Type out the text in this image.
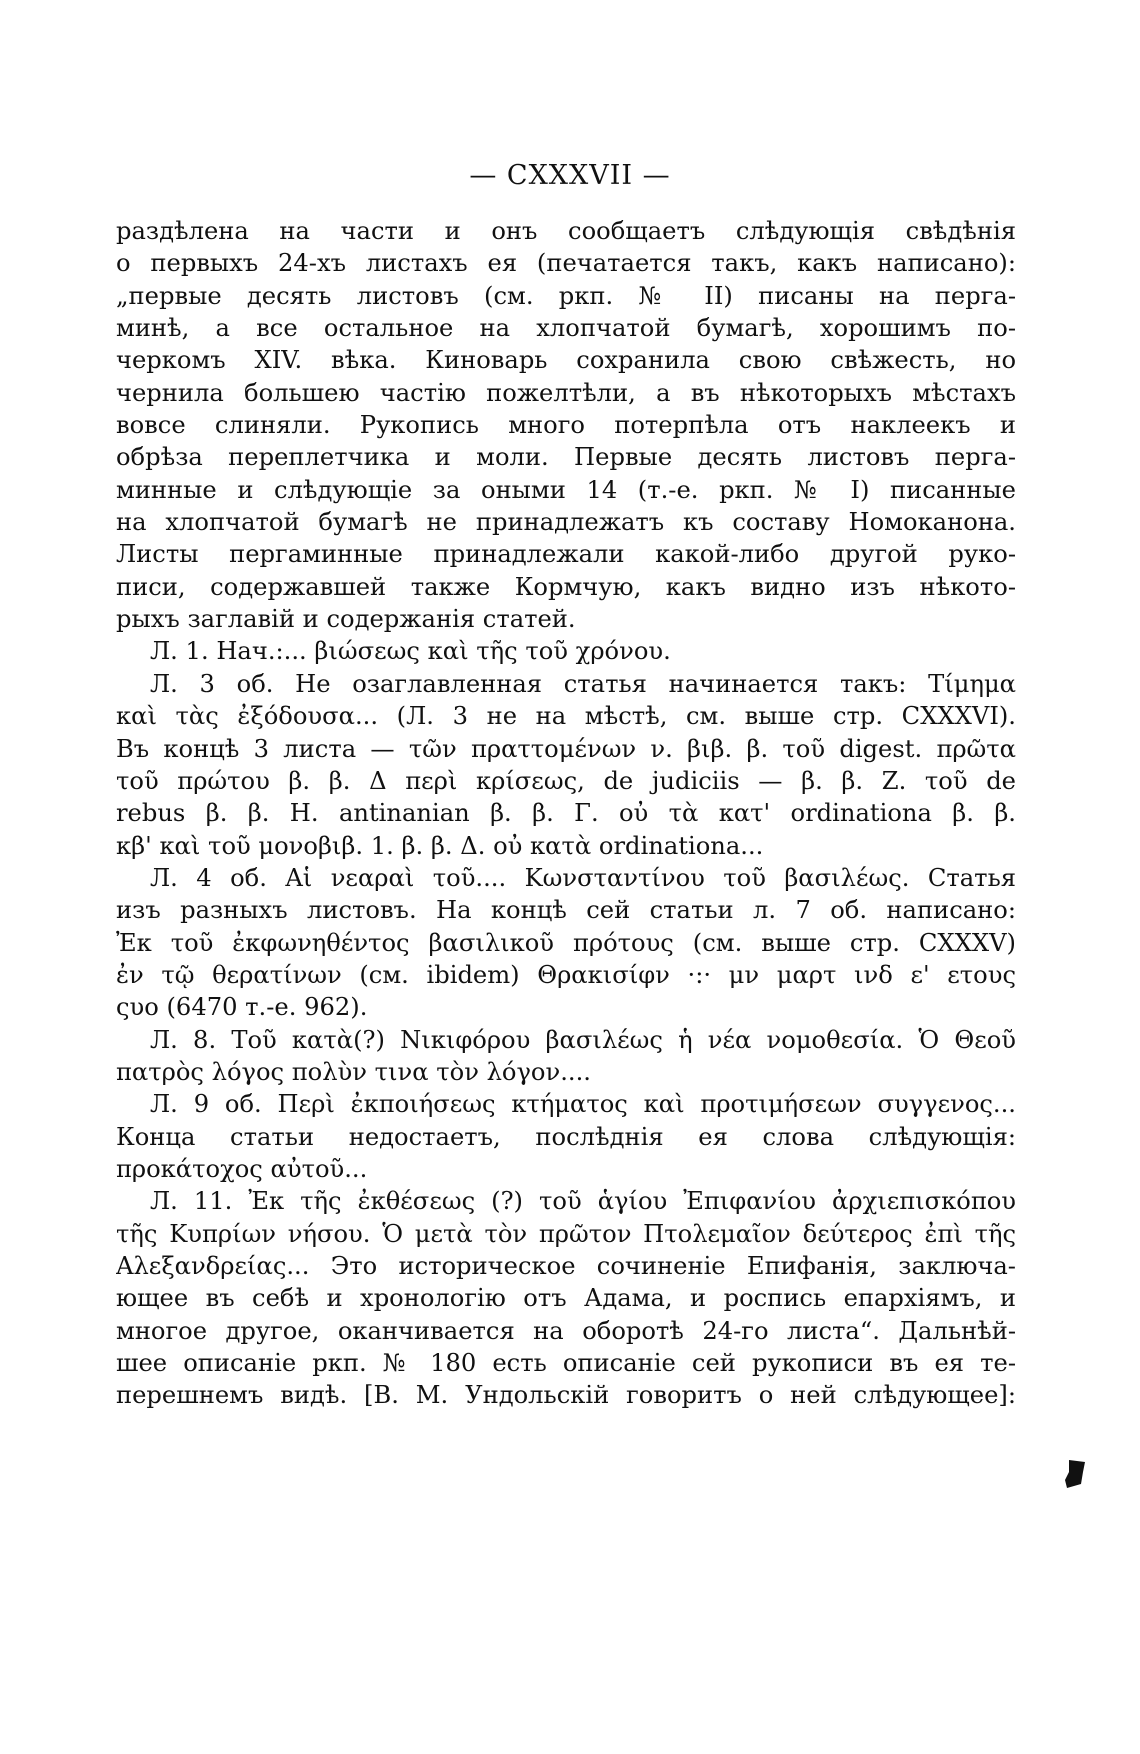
— CXXXVII —
раздѣлена на части и онъ сообщаетъ слѣдующія свѣдѣнія
о первыхъ 24-хъ листахъ ея (печатается такъ, какъ написано):
„первые десять листовъ (см. ркп. № II) писаны на перга-
минѣ, а все остальное на хлопчатой бумагѣ, хорошимъ по-
черкомъ XIV. вѣка. Киноварь сохранила свою свѣжесть, но
чернила большею частію пожелтѣли, а въ нѣкоторыхъ мѣстахъ
вовсе слиняли. Рукопись много потерпѣла отъ наклеекъ и
обрѣза переплетчика и моли. Первые десять листовъ перга-
минные и слѣдующіе за оными 14 (т.-е. ркп. № I) писанные
на хлопчатой бумагѣ не принадлежатъ къ составу Номоканона.
Листы пергаминные принадлежали какой-либо другой руко-
писи, содержавшей также Кормчую, какъ видно изъ нѣкото-
рыхъ заглавій и содержанія статей.
Л. 1. Нач.:... βιώσεως καὶ τῆς τοῦ χρόνου.
Л. 3 об. Не озаглавленная статья начинается такъ: Τίμημα
καὶ τὰς ἐξόδουσα... (Л. 3 не на мѣстѣ, см. выше стр. CXXXVI).
Въ концѣ 3 листа — τῶν πραττομένων ν. βιβ. β. τοῦ digest. πρῶτα
τοῦ πρώτου β. β. Δ περὶ κρίσεως, de judiciis — β. β. Ζ. τοῦ de
rebus β. β. Η. antinanian β. β. Γ. οὐ τὰ κατ' ordinationa β. β.
κβ' καὶ τοῦ μονοβιβ. 1. β. β. Δ. οὐ κατὰ ordinationa...
Л. 4 об. Αἱ νεαραὶ τοῦ.... Κωνσταντίνου τοῦ βασιλέως. Статья
изъ разныхъ листовъ. На концѣ сей статьи л. 7 об. написано:
Ἐκ τοῦ ἐκφωνηθέντος βασιλικοῦ πρότους (см. выше стр. CXXXV)
ἐν τῷ θερατίνων (см. ibidem) Θρακισίφν ·:· μν μαρτ ινδ ε' ετους
ςυο (6470 т.-е. 962).
Л. 8. Τοῦ κατὰ(?) Νικιφόρου βασιλέως ἡ νέα νομοθεσία. Ὁ Θεοῦ
πατρὸς λόγος πολὺν τινα τὸν λόγον....
Л. 9 об. Περὶ ἐκποιήσεως κτήματος καὶ προτιμήσεων συγγενος...
Конца статьи недостаетъ, послѣднія ея слова слѣдующія:
προκάτοχος αὐτοῦ...
Л. 11. Ἐκ τῆς ἐκθέσεως (?) τοῦ ἁγίου Ἐπιφανίου ἀρχιεπισκόπου
τῆς Κυπρίων νήσου. Ὁ μετὰ τὸν πρῶτον Πτολεμαῖον δεύτερος ἐπὶ τῆς
Αλεξανδρείας... Это историческое сочиненіе Епифанія, заключа-
ющее въ себѣ и хронологію отъ Адама, и роспись епархіямъ, и
многое другое, оканчивается на оборотѣ 24-го листа“. Дальнѣй-
шее описаніе ркп. № 180 есть описаніе сей рукописи въ ея те-
перешнемъ видѣ. [В. М. Ундольскій говоритъ о ней слѣдующее]:
